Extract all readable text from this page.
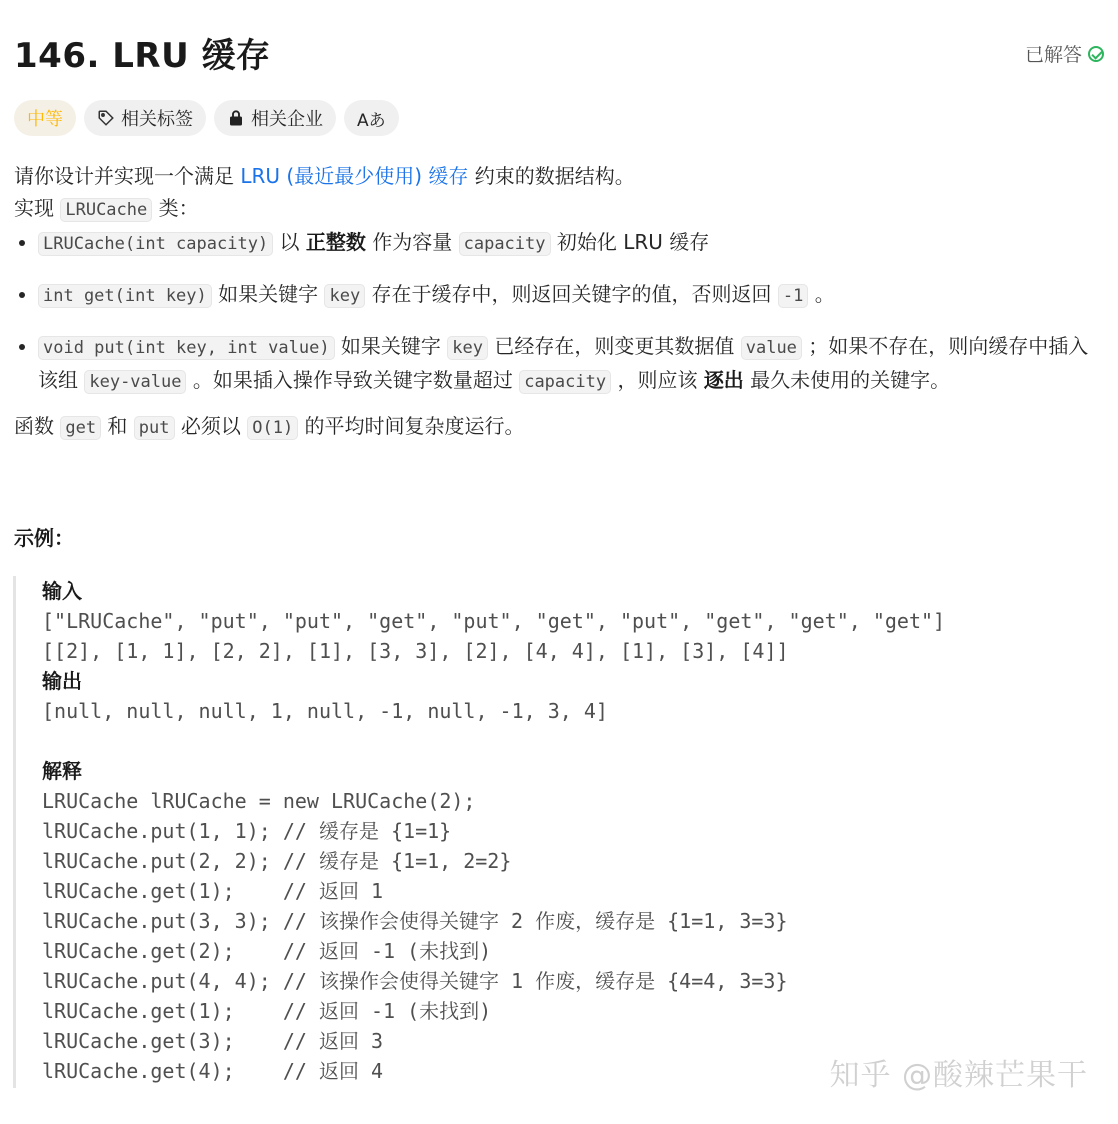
146. LRU 缓存	已解答
中等	相关标签	相关企业 Aあ

请你设计并实现一个满足 LRU (最近最少使用) 缓存 约束的数据结构。

实现 LRUCache 类：

• LRUCache(int capacity) 以 正整数 作为容量 capacity 初始化 LRU 缓存
• int get(int key) 如果关键字 key 存在于缓存中，则返回关键字的值，否则返回 -1 。
• void put(int key, int value) 如果关键字 key 已经存在，则变更其数据值 value ；如果不存在，则向缓存中插入该组 key-value 。如果插入操作导致关键字数量超过 capacity ，则应该 逐出 最久未使用的关键字。
函数 get 和 put 必须以 O(1) 的平均时间复杂度运行。
示例：
输入
["LRUCache", "put", "put", "get", "put", "get", "put", "get", "get", "get"]
[[2], [1, 1], [2, 2], [1], [3, 3], [2], [4, 4], [1], [3], [4]]
输出
[null, null, null, 1, null, -1, null, -1, 3, 4]
解释
LRUCache lRUCache = new LRUCache(2);
lRUCache.put(1, 1); // 缓存是 {1=1}
lRUCache.put(2, 2); // 缓存是 {1=1, 2=2}
lRUCache.get(1);    // 返回 1
lRUCache.put(3, 3); // 该操作会使得关键字 2 作废，缓存是 {1=1, 3=3}
lRUCache.get(2);    // 返回 -1 (未找到)
lRUCache.put(4, 4); // 该操作会使得关键字 1 作废，缓存是 {4=4, 3=3}
lRUCache.get(1);    // 返回 -1 (未找到)
lRUCache.get(3);    // 返回 3
lRUCache.get(4);    // 返回 4	知乎 @酸辣芒果干
